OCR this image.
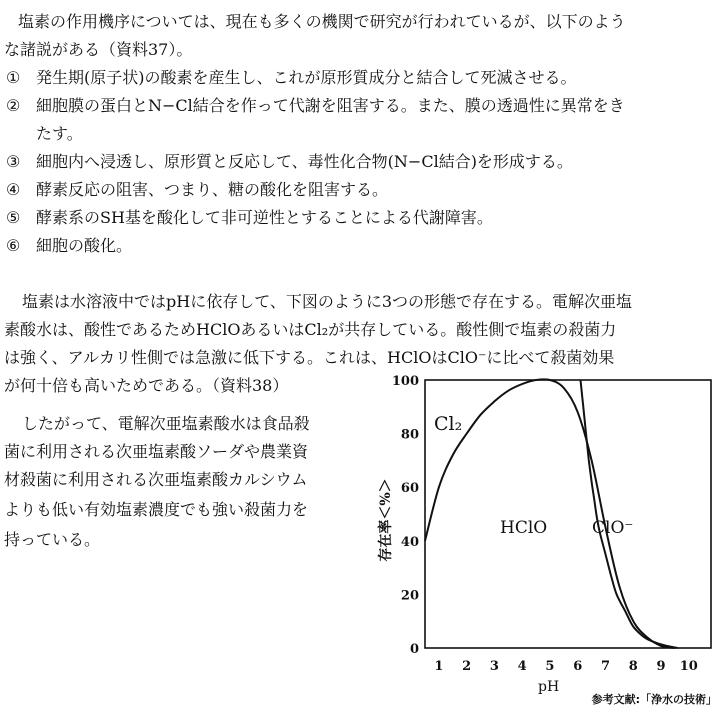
塩素の作用機序については、現在も多くの機関で研究が行われているが、以下のよう
な諸説がある（資料37）。
① 発生期(原子状)の酸素を産生し、これが原形質成分と結合して死滅させる。
② 細胞膜の蛋白とN−Cl結合を作って代謝を阻害する。また、膜の透過性に異常をき
たす。
③ 細胞内へ浸透し、原形質と反応して、毒性化合物(N−Cl結合)を形成する。
④ 酵素反応の阻害、つまり、糖の酸化を阻害する。
⑤ 酵素系のSH基を酸化して非可逆性とすることによる代謝障害。
⑥ 細胞の酸化。
塩素は水溶液中ではpHに依存して、下図のように3つの形態で存在する。電解次亜塩
素酸水は、酸性であるためHClOあるいはCl₂が共存している。酸性側で塩素の殺菌力
は強く、アルカリ性側では急激に低下する。これは、HClOはClO⁻に比べて殺菌効果
が何十倍も高いためである。（資料38）
したがって、電解次亜塩素酸水は食品殺
菌に利用される次亜塩素酸ソーダや農業資
材殺菌に利用される次亜塩素酸カルシウム
よりも低い有効塩素濃度でも強い殺菌力を
持っている。	存在率＜%＞
0
20
40
60
80
100
1 2 3 4 5 6 7 8 9 10
Cl₂
HClO	ClO⁻
pH
参考文献:「浄水の技術」
